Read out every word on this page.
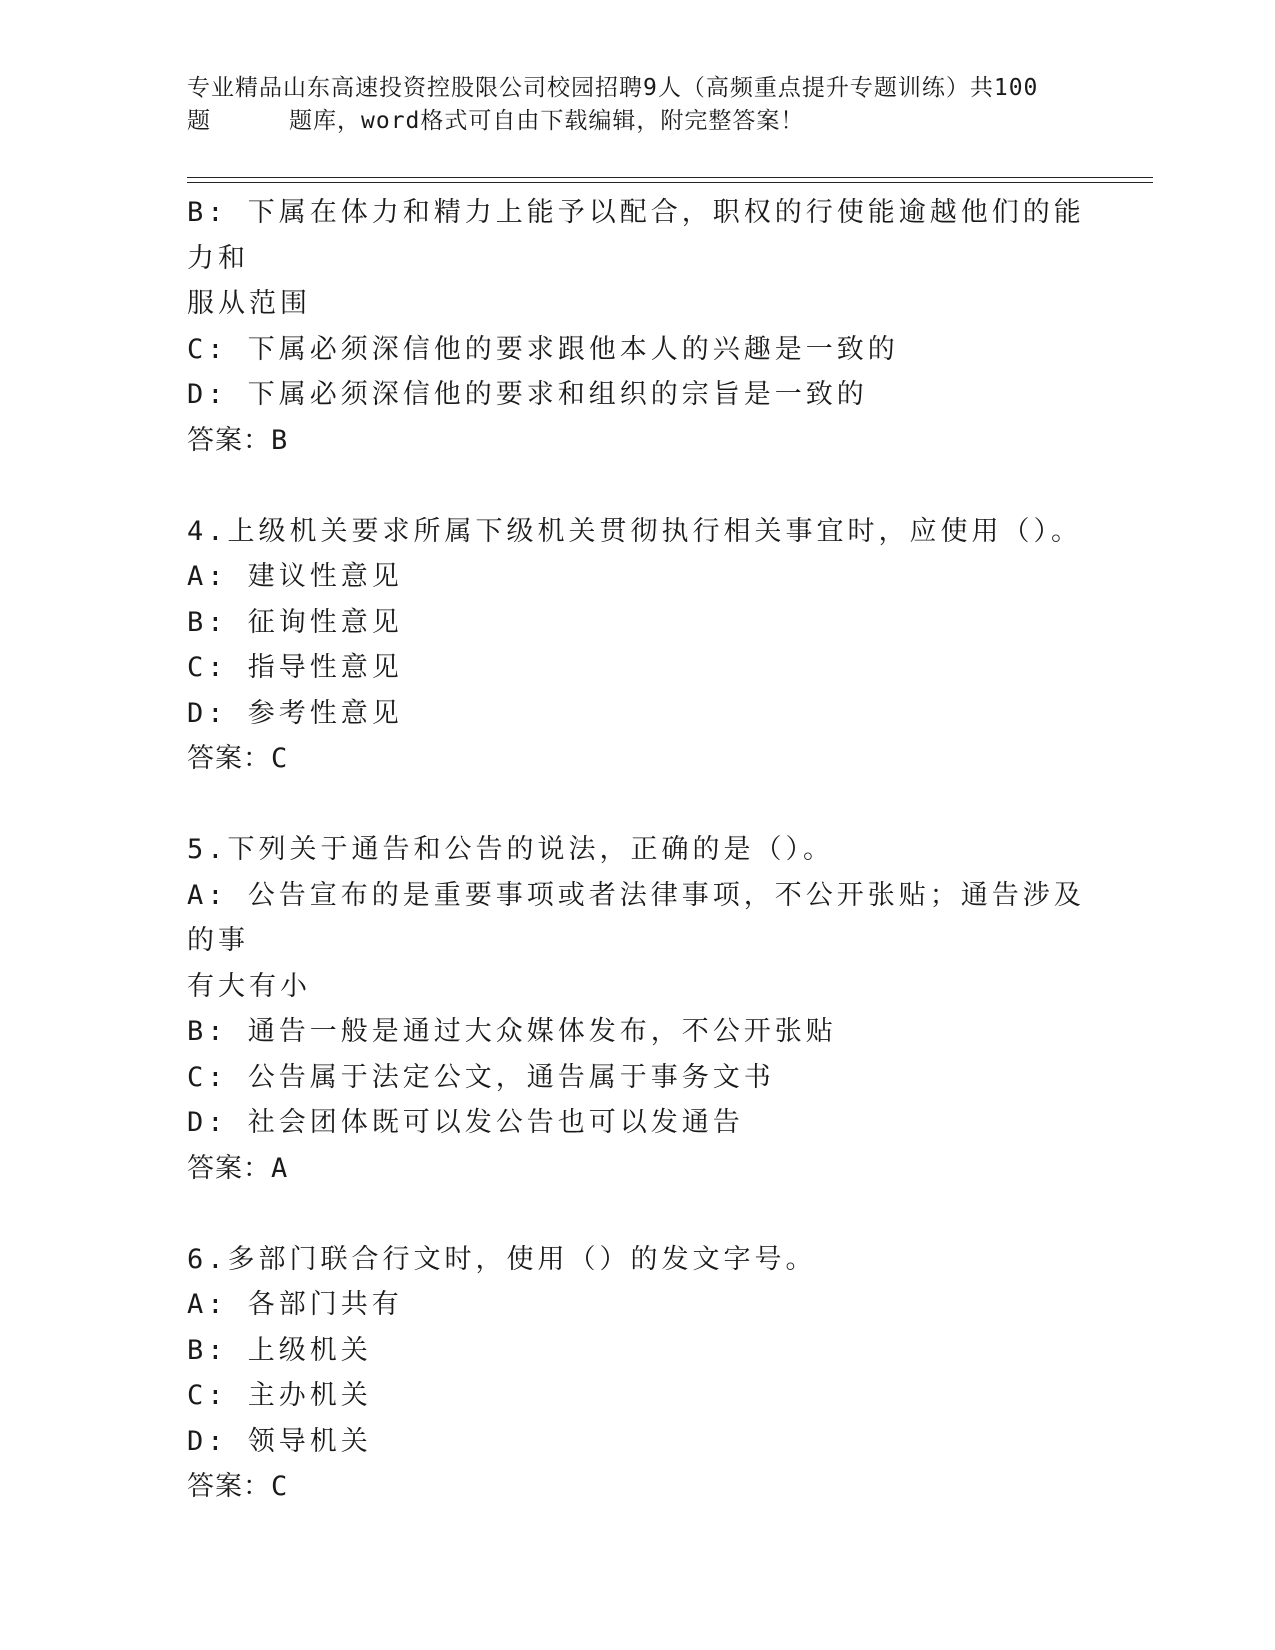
专业精品山东高速投资控股限公司校园招聘9人（高频重点提升专题训练）共100
题	题库，word格式可自由下载编辑，附完整答案！

B: 下属在体力和精力上能予以配合，职权的行使能逾越他们的能力和

服从范围

C: 下属必须深信他的要求跟他本人的兴趣是一致的

D: 下属必须深信他的要求和组织的宗旨是一致的

答案：B

4.上级机关要求所属下级机关贯彻执行相关事宜时，应使用（）。

A: 建议性意见

B: 征询性意见

C: 指导性意见

D: 参考性意见

答案：C

5.下列关于通告和公告的说法，正确的是（）。

A: 公告宣布的是重要事项或者法律事项，不公开张贴；通告涉及的事

有大有小

B: 通告一般是通过大众媒体发布，不公开张贴

C: 公告属于法定公文，通告属于事务文书

D: 社会团体既可以发公告也可以发通告

答案：A

6.多部门联合行文时，使用（）的发文字号。

A: 各部门共有

B: 上级机关

C: 主办机关

D: 领导机关

答案：C
